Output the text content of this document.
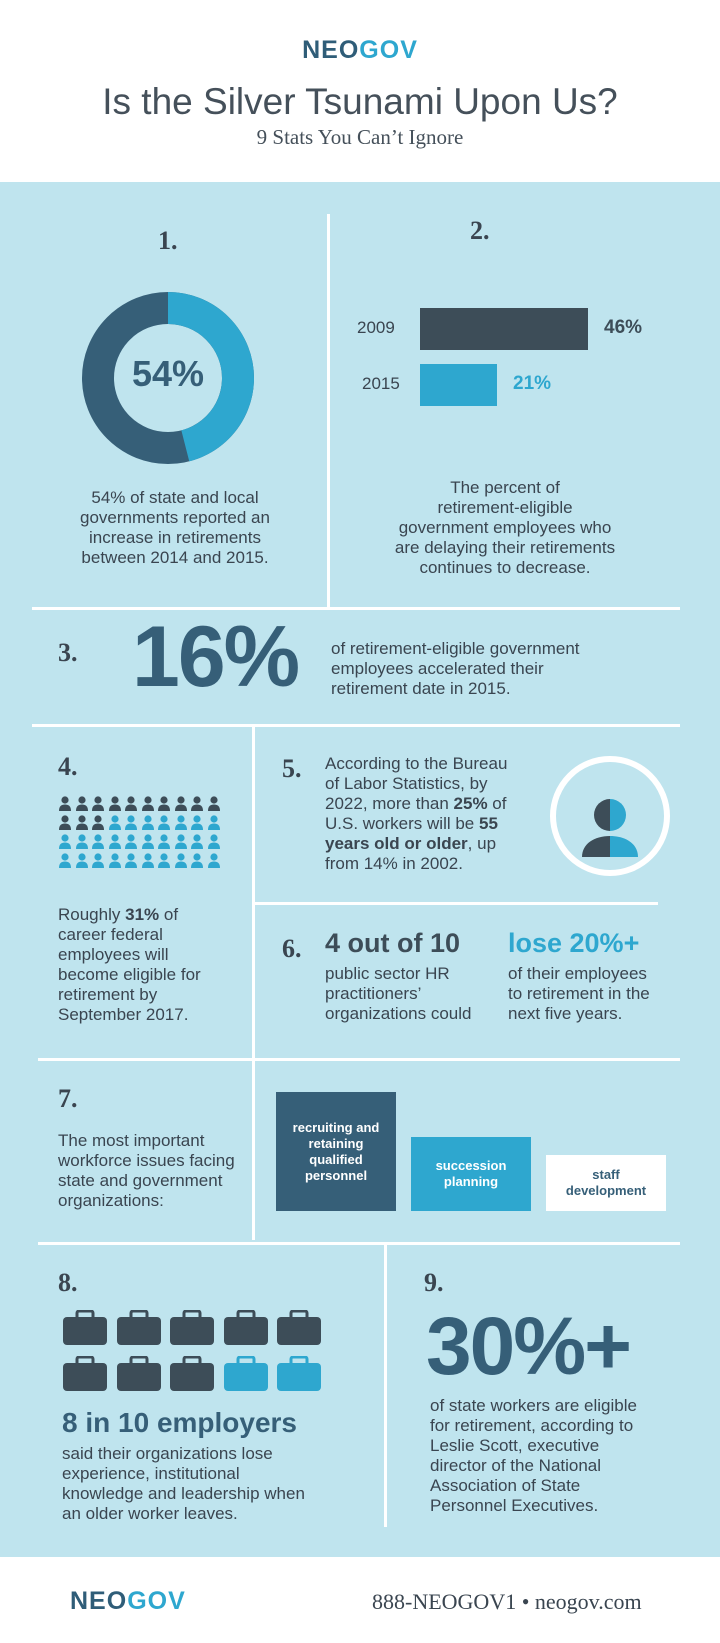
NEOGOV
Is the Silver Tsunami Upon Us?
9 Stats You Can’t Ignore
1.
54%
54% of state and local
governments reported an
increase in retirements
between 2014 and 2015.
2.
2009	46%
2015	21%
The percent of
retirement-eligible
government employees who
are delaying their retirements
continues to decrease.
3. 16% of retirement-eligible government
employees accelerated their
retirement date in 2015.
4.
Roughly 31% of
career federal
employees will
become eligible for
retirement by
September 2017.
5. According to the Bureau
of Labor Statistics, by
2022, more than 25% of
U.S. workers will be 55
years old or older, up
from 14% in 2002.
6. 4 out of 10
public sector HR
practitioners’
organizations could
lose 20%+
of their employees
to retirement in the
next five years.
7.
The most important
workforce issues facing
state and government
organizations:
recruiting and
retaining
qualified
personnel
succession
planning	staff
development
8.
8 in 10 employers
said their organizations lose
experience, institutional
knowledge and leadership when
an older worker leaves.
9.
30%+
of state workers are eligible
for retirement, according to
Leslie Scott, executive
director of the National
Association of State
Personnel Executives.
NEOGOV	888-NEOGOV1 • neogov.com
